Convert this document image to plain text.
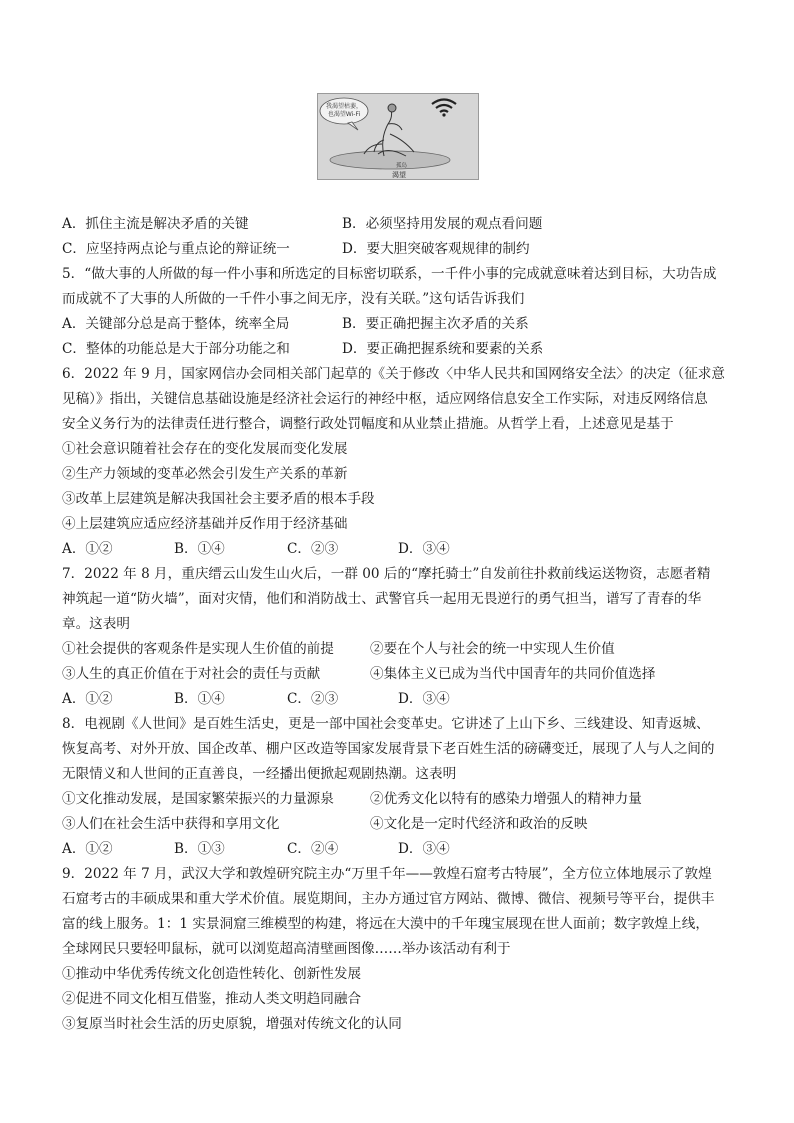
我渴望枯萎，
也渴望Wi-Fi
孤岛
渴望
A．抓住主流是解决矛盾的关键	B．必须坚持用发展的观点看问题
C．应坚持两点论与重点论的辩证统一	D．要大胆突破客观规律的制约
5．“做大事的人所做的每一件小事和所选定的目标密切联系，一千件小事的完成就意味着达到目标，大功告成
而成就不了大事的人所做的一千件小事之间无序，没有关联。”这句话告诉我们
A．关键部分总是高于整体，统率全局	B．要正确把握主次矛盾的关系
C．整体的功能总是大于部分功能之和	D．要正确把握系统和要素的关系
6．2022 年 9 月，国家网信办会同相关部门起草的《关于修改〈中华人民共和国网络安全法〉的决定（征求意
见稿）》指出，关键信息基础设施是经济社会运行的神经中枢，适应网络信息安全工作实际，对违反网络信息
安全义务行为的法律责任进行整合，调整行政处罚幅度和从业禁止措施。从哲学上看，上述意见是基于
①社会意识随着社会存在的变化发展而变化发展
②生产力领域的变革必然会引发生产关系的革新
③改革上层建筑是解决我国社会主要矛盾的根本手段
④上层建筑应适应经济基础并反作用于经济基础
A．①②	B．①④	C．②③	D．③④
7．2022 年 8 月，重庆缙云山发生山火后，一群 00 后的“摩托骑士”自发前往扑救前线运送物资，志愿者精
神筑起一道“防火墙”，面对灾情，他们和消防战士、武警官兵一起用无畏逆行的勇气担当，谱写了青春的华
章。这表明
①社会提供的客观条件是实现人生价值的前提	②要在个人与社会的统一中实现人生价值
③人生的真正价值在于对社会的责任与贡献	④集体主义已成为当代中国青年的共同价值选择
A．①②	B．①④	C．②③	D．③④
8．电视剧《人世间》是百姓生活史，更是一部中国社会变革史。它讲述了上山下乡、三线建设、知青返城、
恢复高考、对外开放、国企改革、棚户区改造等国家发展背景下老百姓生活的磅礴变迁，展现了人与人之间的
无限情义和人世间的正直善良，一经播出便掀起观剧热潮。这表明
①文化推动发展，是国家繁荣振兴的力量源泉	②优秀文化以特有的感染力增强人的精神力量
③人们在社会生活中获得和享用文化	④文化是一定时代经济和政治的反映
A．①②	B．①③	C．②④	D．③④
9．2022 年 7 月，武汉大学和敦煌研究院主办“万里千年——敦煌石窟考古特展”，全方位立体地展示了敦煌
石窟考古的丰硕成果和重大学术价值。展览期间，主办方通过官方网站、微博、微信、视频号等平台，提供丰
富的线上服务。1：1 实景洞窟三维模型的构建，将远在大漠中的千年瑰宝展现在世人面前；数字敦煌上线，
全球网民只要轻叩鼠标，就可以浏览超高清壁画图像……举办该活动有利于
①推动中华优秀传统文化创造性转化、创新性发展
②促进不同文化相互借鉴，推动人类文明趋同融合
③复原当时社会生活的历史原貌，增强对传统文化的认同
